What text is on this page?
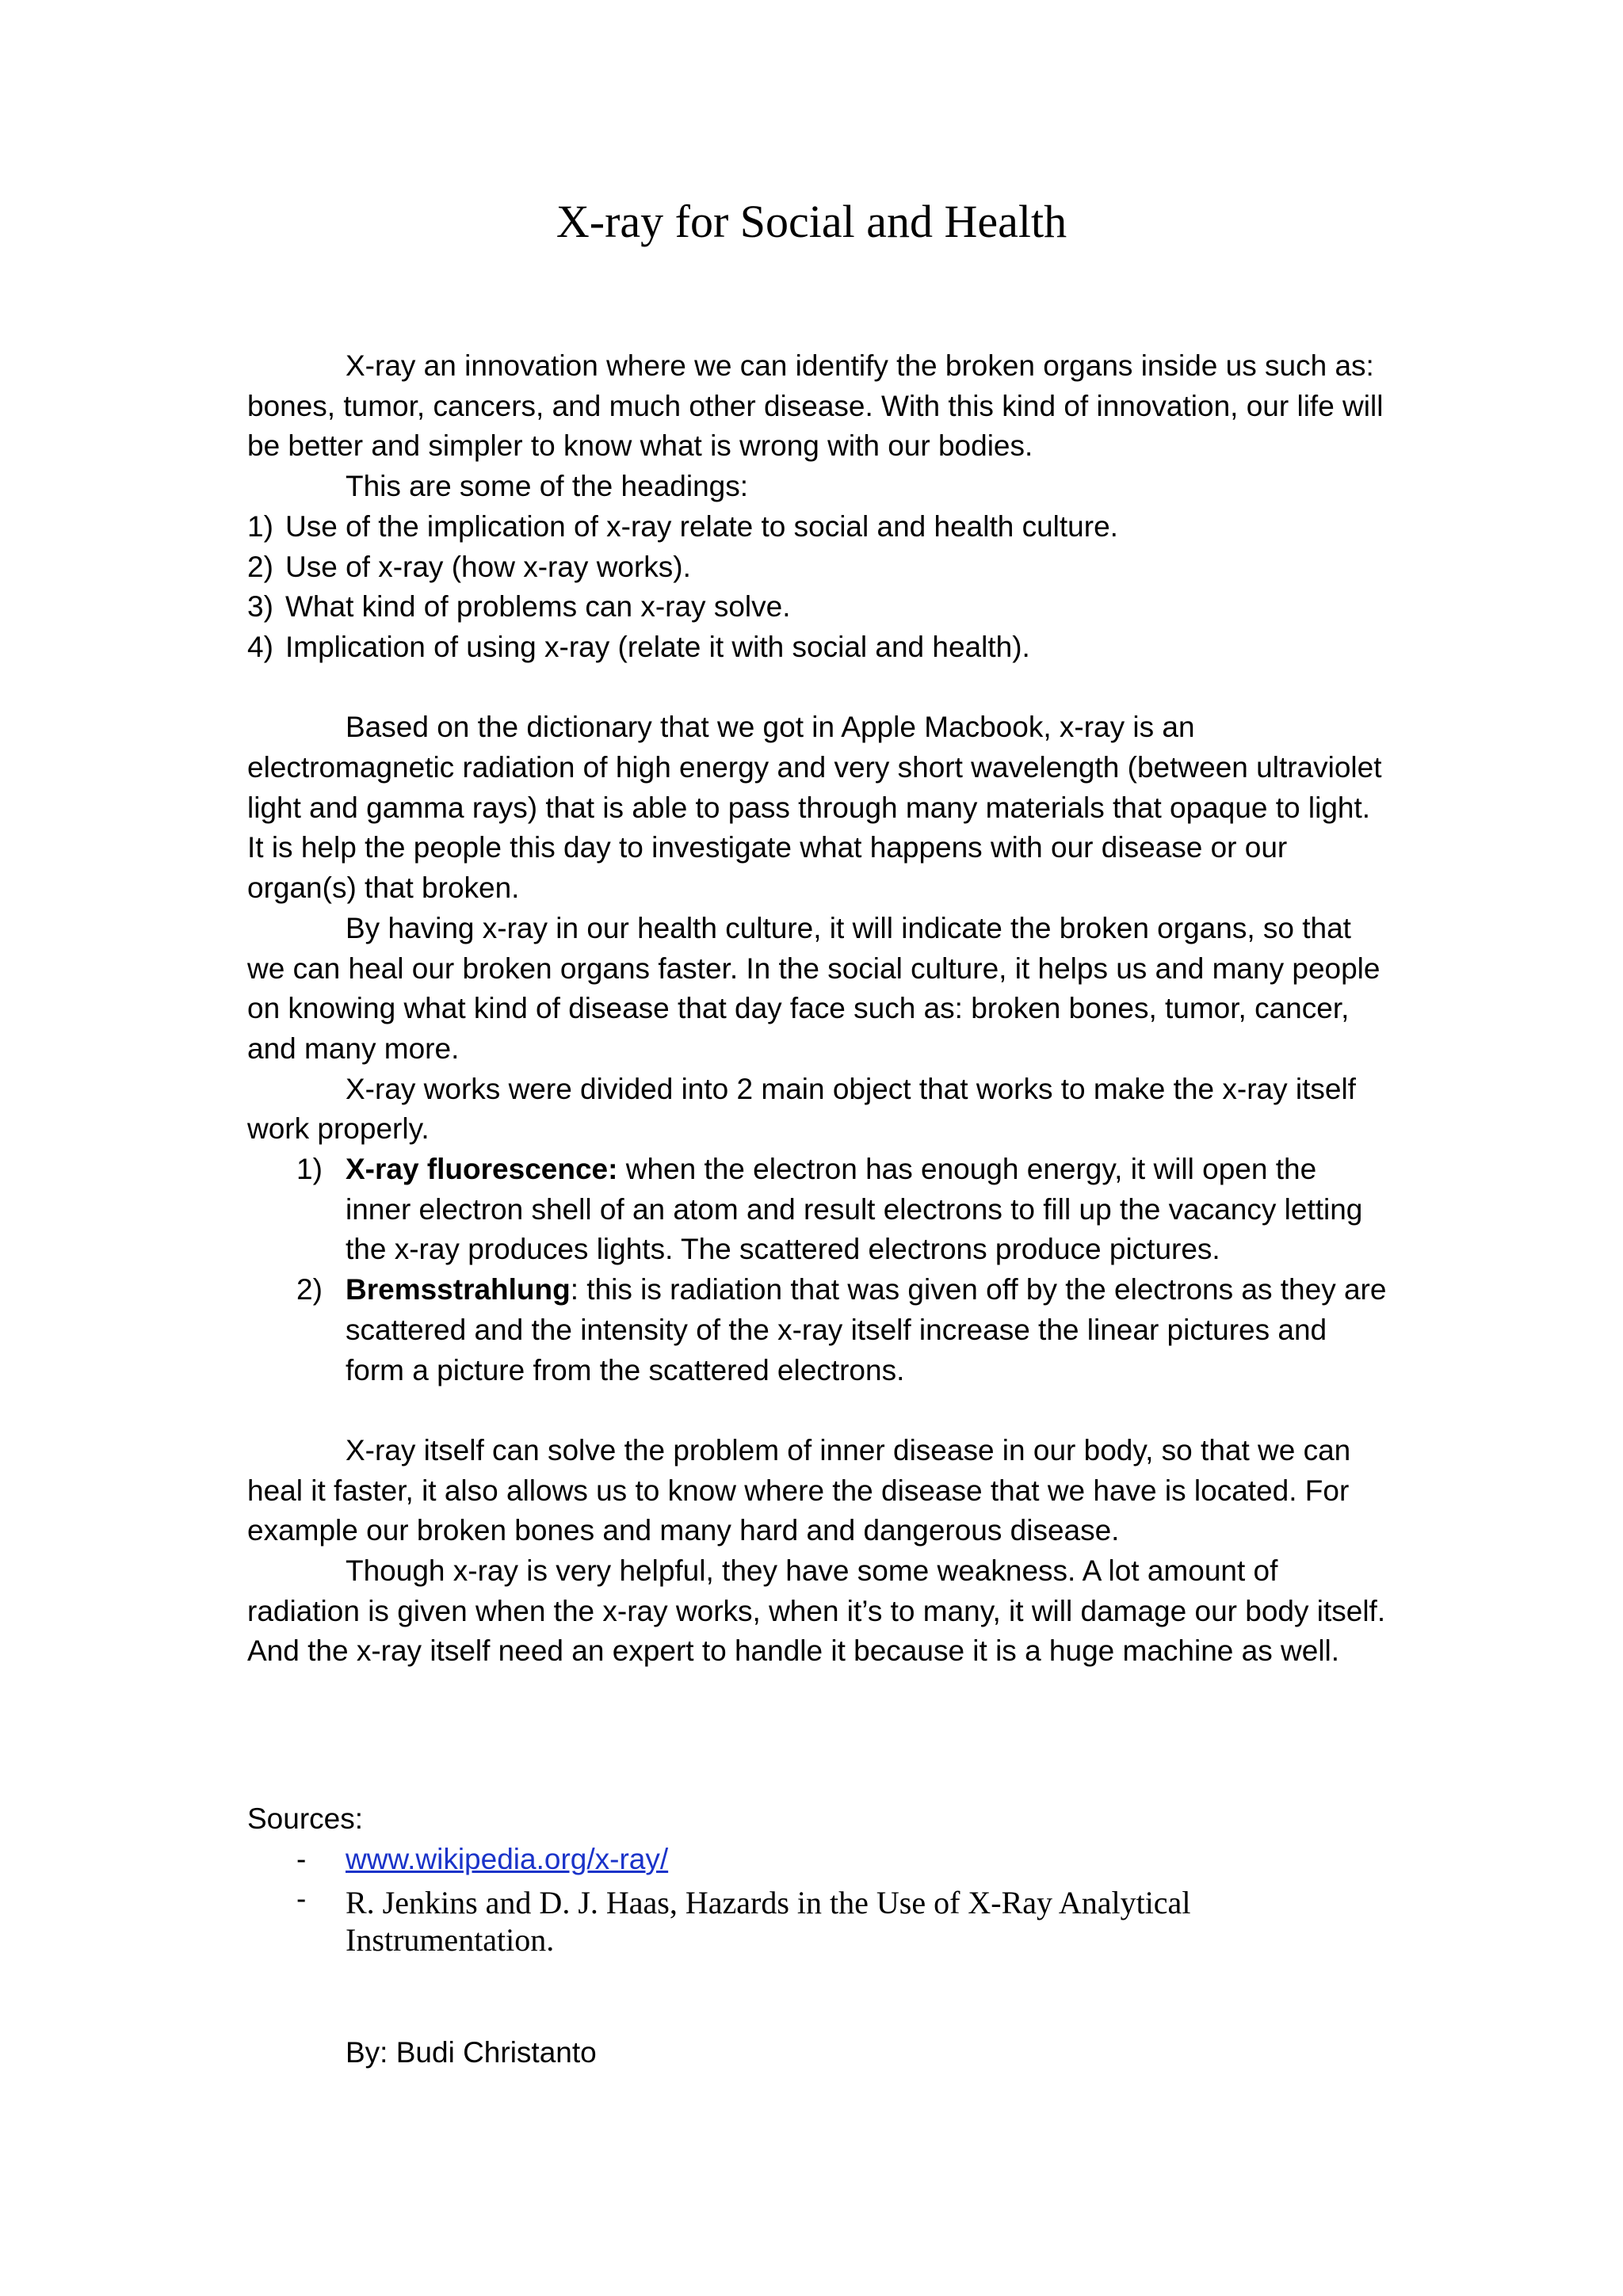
X-ray for Social and Health

X-ray an innovation where we can identify the broken organs inside us such as: bones, tumor, cancers, and much other disease. With this kind of innovation, our life will be better and simpler to know what is wrong with our bodies.

This are some of the headings:

1) Use of the implication of x-ray relate to social and health culture.
2) Use of x-ray (how x-ray works).
3) What kind of problems can x-ray solve.
4) Implication of using x-ray (relate it with social and health).

Based on the dictionary that we got in Apple Macbook, x-ray is an electromagnetic radiation of high energy and very short wavelength (between ultraviolet light and gamma rays) that is able to pass through many materials that opaque to light. It is help the people this day to investigate what happens with our disease or our organ(s) that broken.

By having x-ray in our health culture, it will indicate the broken organs, so that we can heal our broken organs faster. In the social culture, it helps us and many people on knowing what kind of disease that day face such as: broken bones, tumor, cancer, and many more.

X-ray works were divided into 2 main object that works to make the x-ray itself work properly.

1) X-ray fluorescence: when the electron has enough energy, it will open the inner electron shell of an atom and result electrons to fill up the vacancy letting the x-ray produces lights. The scattered electrons produce pictures.
2) Bremsstrahlung: this is radiation that was given off by the electrons as they are scattered and the intensity of the x-ray itself increase the linear pictures and form a picture from the scattered electrons.

X-ray itself can solve the problem of inner disease in our body, so that we can heal it faster, it also allows us to know where the disease that we have is located. For example our broken bones and many hard and dangerous disease.

Though x-ray is very helpful, they have some weakness. A lot amount of radiation is given when the x-ray works, when it’s to many, it will damage our body itself. And the x-ray itself need an expert to handle it because it is a huge machine as well.

Sources:

- www.wikipedia.org/x-ray/
- R. Jenkins and D. J. Haas, Hazards in the Use of X-Ray Analytical Instrumentation.
By: Budi Christanto
